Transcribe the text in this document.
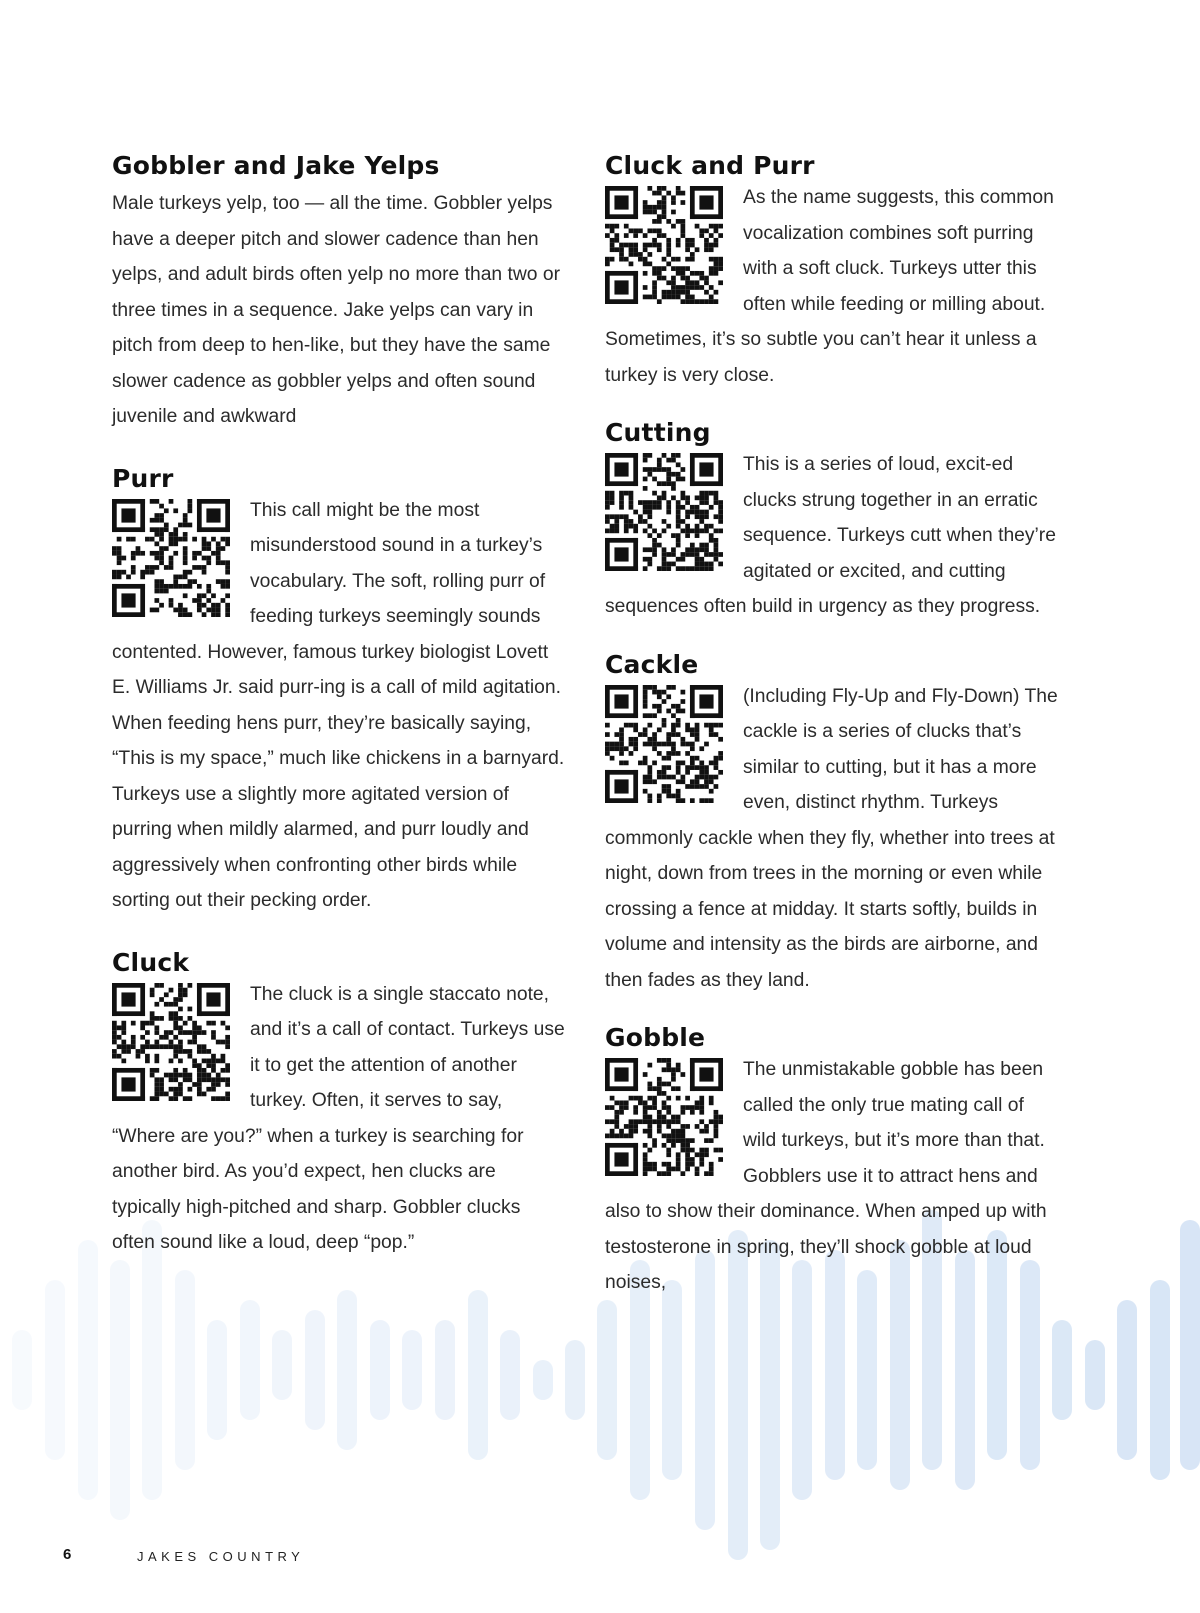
Gobbler and Jake Yelps

Male turkeys yelp, too — all the time. Gobbler yelps have a deeper pitch and slower cadence than hen yelps, and adult birds often yelp no more than two or three times in a sequence. Jake yelps can vary in pitch from deep to hen-like, but they have the same slower cadence as gobbler yelps and often sound juvenile and awkward

Purr

This call might be the most misunderstood sound in a turkey’s vocabulary. The soft, rolling purr of feeding turkeys seemingly sounds contented. However, famous turkey biologist Lovett E. Williams Jr. said purr-ing is a call of mild agitation. When feeding hens purr, they’re basically saying, “This is my space,” much like chickens in a barnyard. Turkeys use a slightly more agitated version of purring when mildly alarmed, and purr loudly and aggressively when confronting other birds while sorting out their pecking order.

Cluck

The cluck is a single staccato note, and it’s a call of contact. Turkeys use it to get the attention of another turkey. Often, it serves to say, “Where are you?” when a turkey is searching for another bird. As you’d expect, hen clucks are typically high-pitched and sharp. Gobbler clucks often sound like a loud, deep “pop.”

Cluck and Purr

As the name suggests, this common vocalization combines soft purring with a soft cluck. Turkeys utter this often while feeding or milling about. Sometimes, it’s so subtle you can’t hear it unless a turkey is very close.

Cutting

This is a series of loud, excit-ed clucks strung together in an erratic sequence. Turkeys cutt when they’re agitated or excited, and cutting sequences often build in urgency as they progress.

Cackle

(Including Fly-Up and Fly-Down) The cackle is a series of clucks that’s similar to cutting, but it has a more even, distinct rhythm. Turkeys commonly cackle when they fly, whether into trees at night, down from trees in the morning or even while crossing a fence at midday. It starts softly, builds in volume and intensity as the birds are airborne, and then fades as they land.

Gobble

The unmistakable gobble has been called the only true mating call of wild turkeys, but it’s more than that. Gobblers use it to attract hens and also to show their dominance. When amped up with testosterone in spring, they’ll shock gobble at loud noises,

6	JAKES COUNTRY
